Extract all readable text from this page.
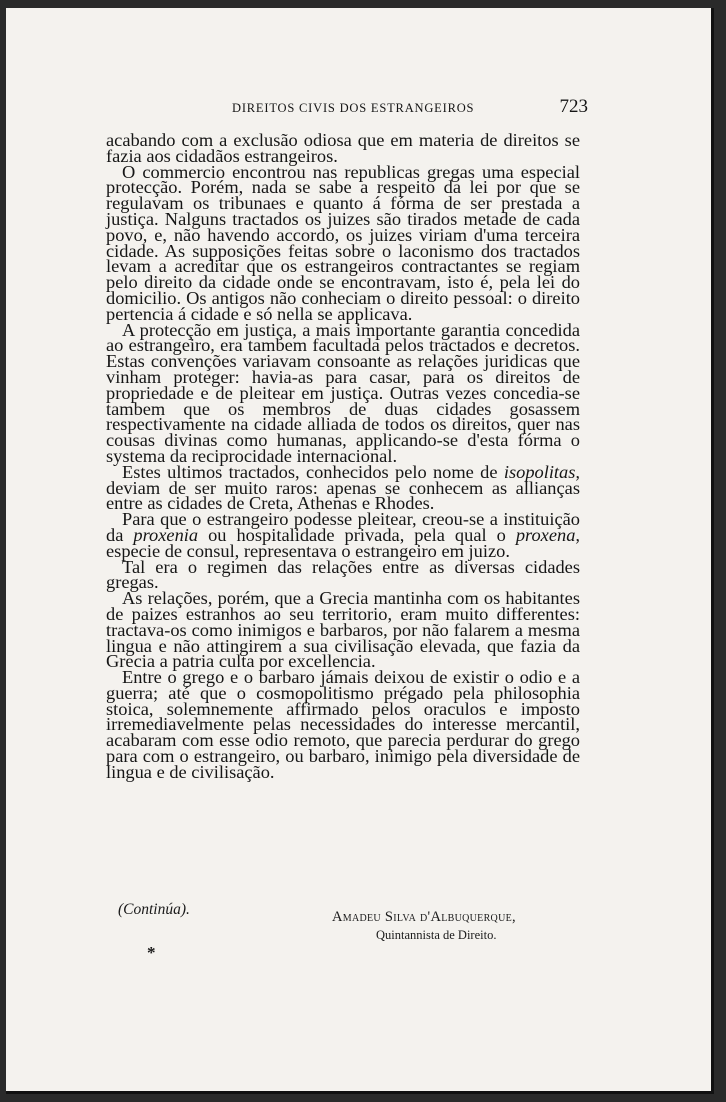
DIREITOS CIVIS DOS ESTRANGEIROS	723

acabando com a exclusão odiosa que em materia de direitos se fazia aos cidadãos estrangeiros.

O commercio encontrou nas republicas gregas uma especial protecção. Porém, nada se sabe a respeito da lei por que se regulavam os tribunaes e quanto á fórma de ser prestada a justiça. Nalguns tractados os juizes são tirados metade de cada povo, e, não havendo accordo, os juizes viriam d'uma terceira cidade. As supposições feitas sobre o laconismo dos tractados levam a acreditar que os estrangeiros contractantes se regiam pelo direito da cidade onde se encontravam, isto é, pela lei do domicilio. Os antigos não conheciam o direito pessoal: o direito pertencia á cidade e só nella se applicava.

A protecção em justiça, a mais importante garantia concedida ao estrangeiro, era tambem facultada pelos tractados e decretos. Estas convenções variavam consoante as relações juridicas que vinham proteger: havia-as para casar, para os direitos de propriedade e de pleitear em justiça. Outras vezes concedia-se tambem que os membros de duas cidades gosassem respectivamente na cidade alliada de todos os direitos, quer nas cousas divinas como humanas, applicando-se d'esta fórma o systema da reciprocidade internacional.

Estes ultimos tractados, conhecidos pelo nome de isopolitas, deviam de ser muito raros: apenas se conhecem as allianças entre as cidades de Creta, Athenas e Rhodes.

Para que o estrangeiro podesse pleitear, creou-se a instituição da proxenia ou hospitalidade privada, pela qual o proxena, especie de consul, representava o estrangeiro em juizo.

Tal era o regimen das relações entre as diversas cidades gregas.

As relações, porém, que a Grecia mantinha com os habitantes de paizes estranhos ao seu territorio, eram muito differentes: tractava-os como inimigos e barbaros, por não falarem a mesma lingua e não attingirem a sua civilisação elevada, que fazia da Grecia a patria culta por excellencia.

Entre o grego e o barbaro jámais deixou de existir o odio e a guerra; até que o cosmopolitismo prégado pela philosophia stoica, solemnemente affirmado pelos oraculos e imposto irremediavelmente pelas necessidades do interesse mercantil, acabaram com esse odio remoto, que parecia perdurar do grego para com o estrangeiro, ou barbaro, inimigo pela diversidade de lingua e de civilisação.

(Continúa).	Amadeu Silva d'Albuquerque,
Quintannista de Direito.
*
